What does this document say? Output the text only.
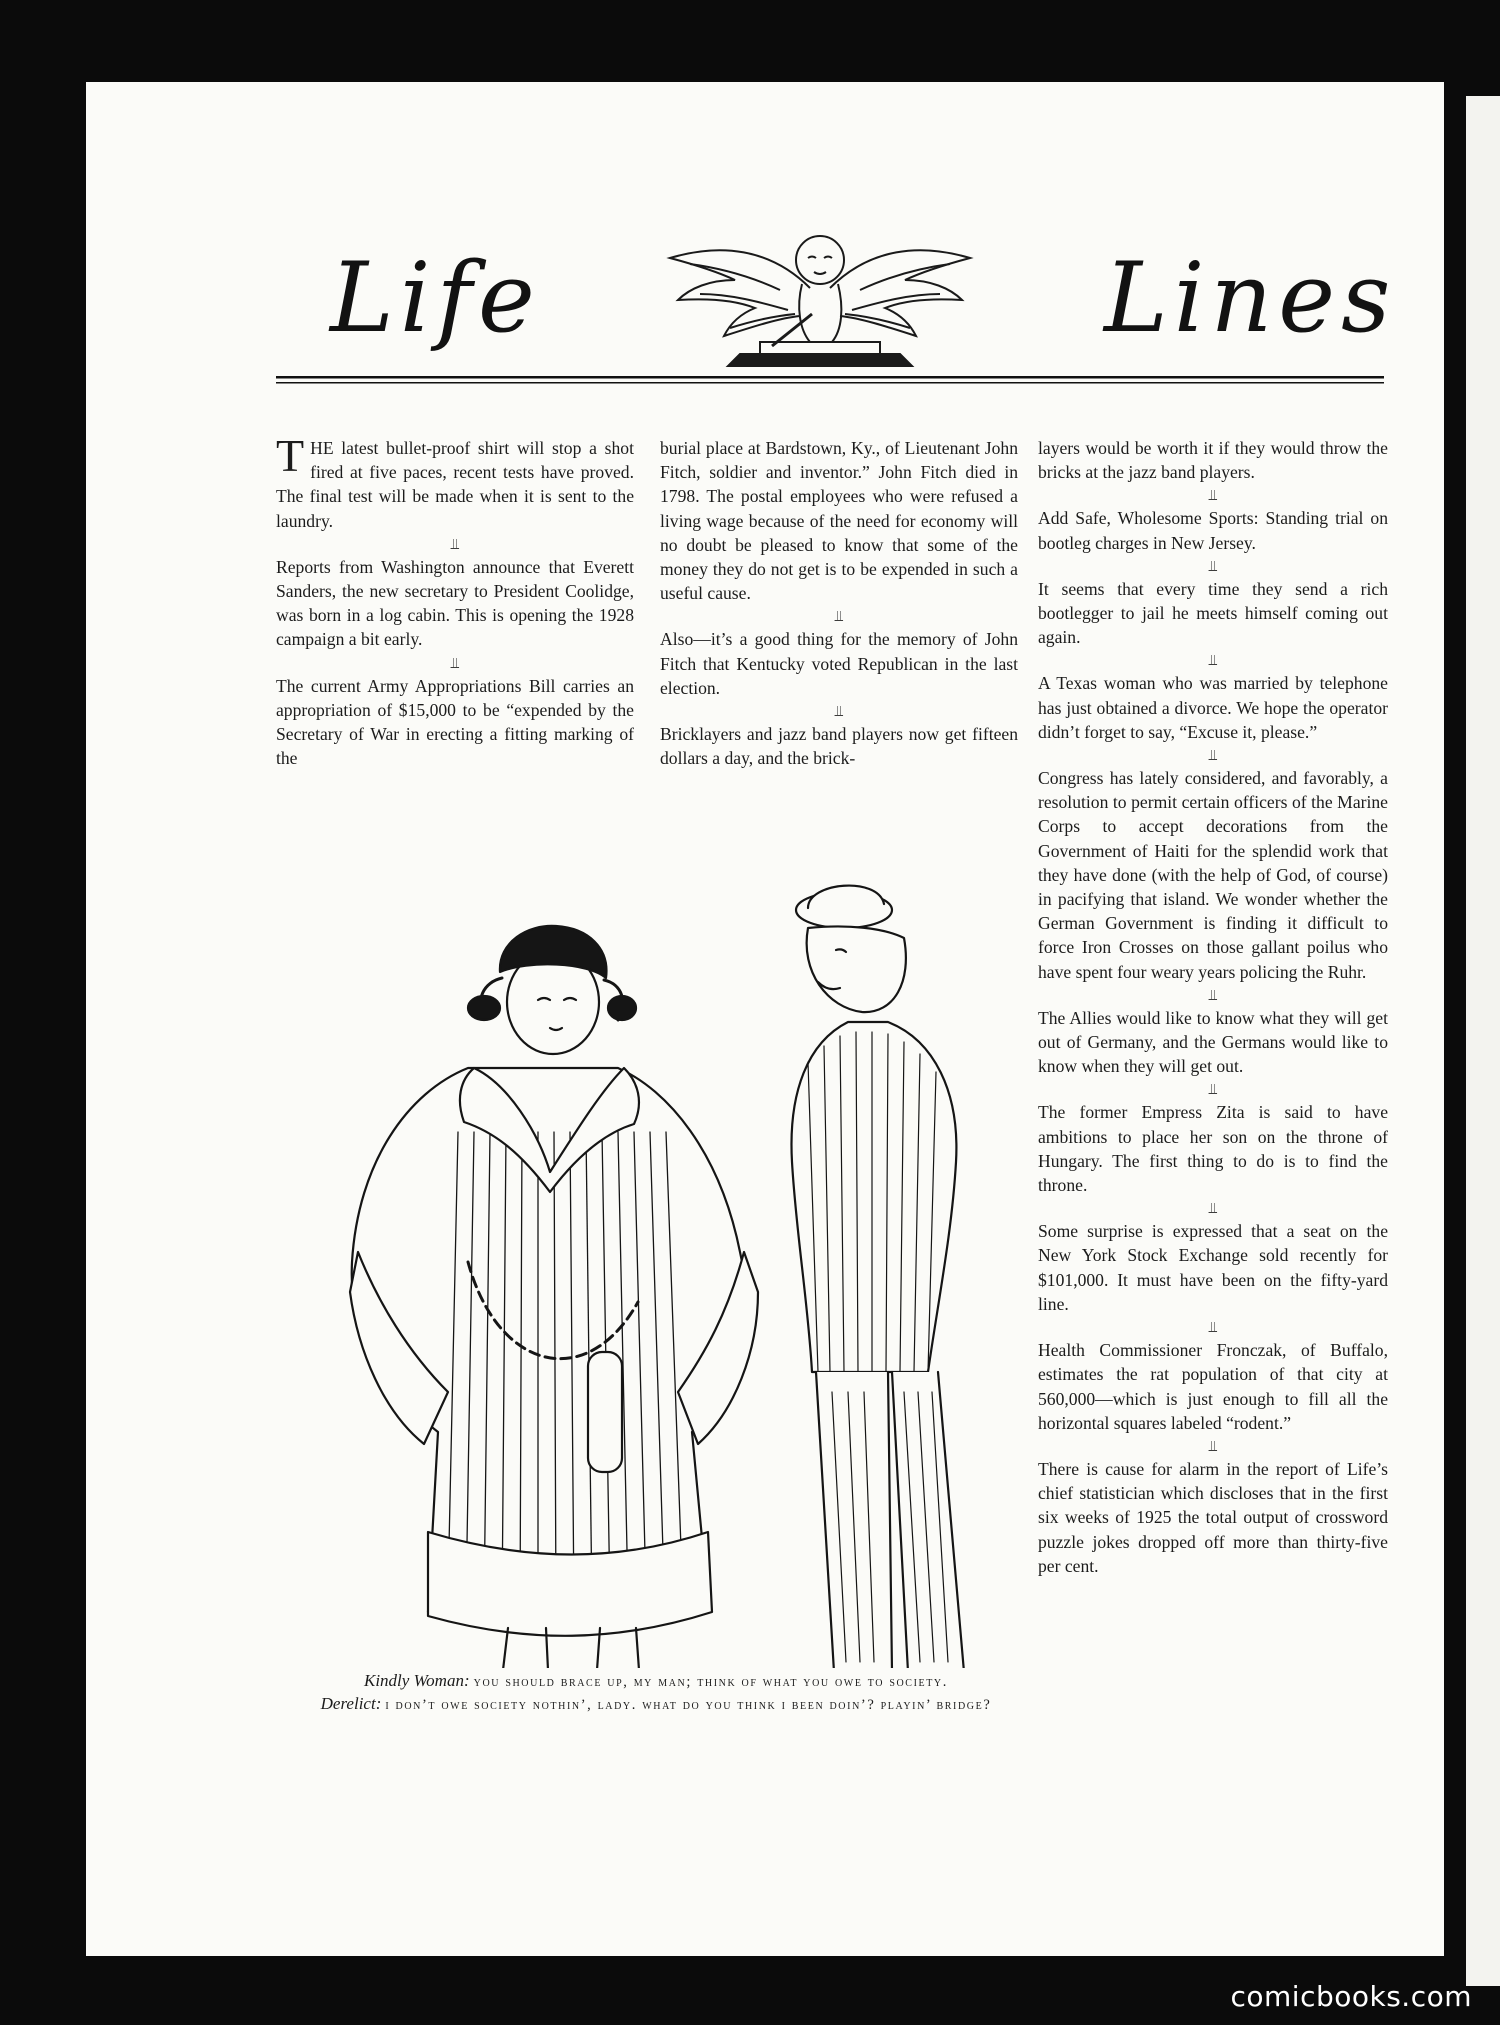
Life	Lines

THE latest bullet-proof shirt will stop a shot fired at five paces, recent tests have proved. The final test will be made when it is sent to the laundry.

⫫

Reports from Washington announce that Everett Sanders, the new secretary to President Coolidge, was born in a log cabin. This is opening the 1928 campaign a bit early.

⫫

The current Army Appropriations Bill carries an appropriation of $15,000 to be “expended by the Secretary of War in erecting a fitting marking of the

burial place at Bardstown, Ky., of Lieutenant John Fitch, soldier and inventor.” John Fitch died in 1798. The postal employees who were refused a living wage because of the need for economy will no doubt be pleased to know that some of the money they do not get is to be expended in such a useful cause.

⫫

Also—it’s a good thing for the memory of John Fitch that Kentucky voted Republican in the last election.

⫫

Bricklayers and jazz band players now get fifteen dollars a day, and the brick-

layers would be worth it if they would throw the bricks at the jazz band players.

⫫

Add Safe, Wholesome Sports: Standing trial on bootleg charges in New Jersey.

⫫

It seems that every time they send a rich bootlegger to jail he meets himself coming out again.

⫫

A Texas woman who was married by telephone has just obtained a divorce. We hope the operator didn’t forget to say, “Excuse it, please.”

⫫

Congress has lately considered, and favorably, a resolution to permit certain officers of the Marine Corps to accept decorations from the Government of Haiti for the splendid work that they have done (with the help of God, of course) in pacifying that island. We wonder whether the German Government is finding it difficult to force Iron Crosses on those gallant poilus who have spent four weary years policing the Ruhr.

⫫

The Allies would like to know what they will get out of Germany, and the Germans would like to know when they will get out.

⫫

The former Empress Zita is said to have ambitions to place her son on the throne of Hungary. The first thing to do is to find the throne.

⫫

Some surprise is expressed that a seat on the New York Stock Exchange sold recently for $101,000. It must have been on the fifty-yard line.

⫫

Health Commissioner Fronczak, of Buffalo, estimates the rat population of that city at 560,000—which is just enough to fill all the horizontal squares labeled “rodent.”

⫫

There is cause for alarm in the report of Life’s chief statistician which discloses that in the first six weeks of 1925 the total output of crossword puzzle jokes dropped off more than thirty-five per cent.

Kindly Woman: you should brace up, my man; think of what you owe to society.
Derelict: i don’t owe society nothin’, lady. what do you think i been doin’? playin’ bridge?
comicbooks.com
